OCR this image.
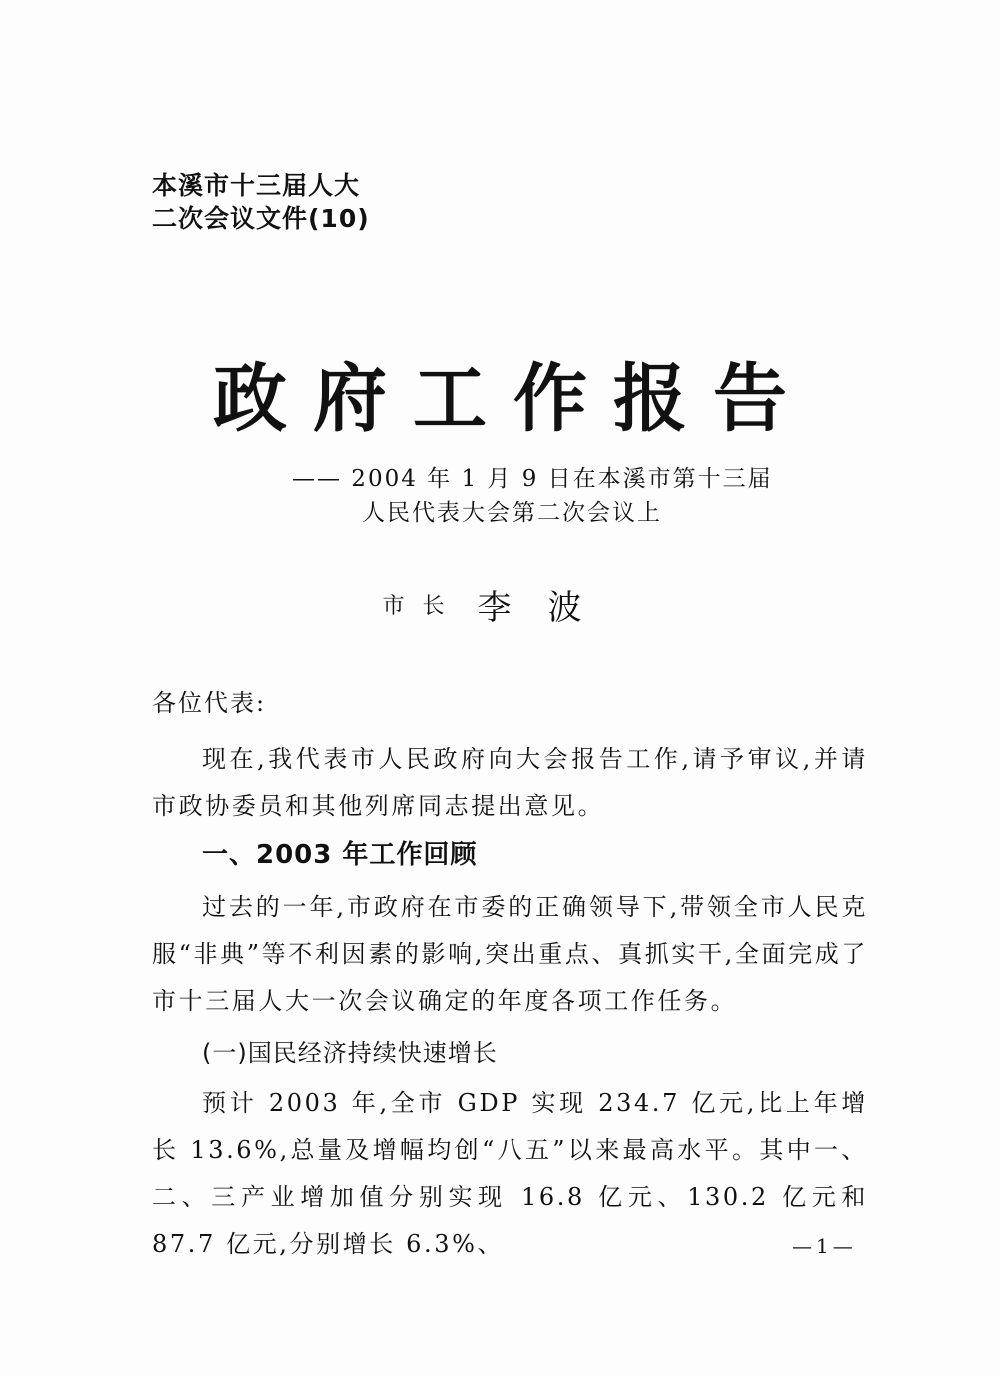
本溪市十三届人大
二次会议文件(10)
政府工作报告
—— 2004 年 1 月 9 日在本溪市第十三届
人民代表大会第二次会议上
市长 李波
各位代表:
现在,我代表市人民政府向大会报告工作,请予审议,并请市政协委员和其他列席同志提出意见。
一、2003 年工作回顾
过去的一年,市政府在市委的正确领导下,带领全市人民克服“非典”等不利因素的影响,突出重点、真抓实干,全面完成了市十三届人大一次会议确定的年度各项工作任务。
(一)国民经济持续快速增长
预计 2003 年,全市 GDP 实现 234.7 亿元,比上年增长 13.6%,总量及增幅均创“八五”以来最高水平。其中一、二、三产业增加值分别实现 16.8 亿元、130.2 亿元和 87.7 亿元,分别增长 6.3%、	—1—
